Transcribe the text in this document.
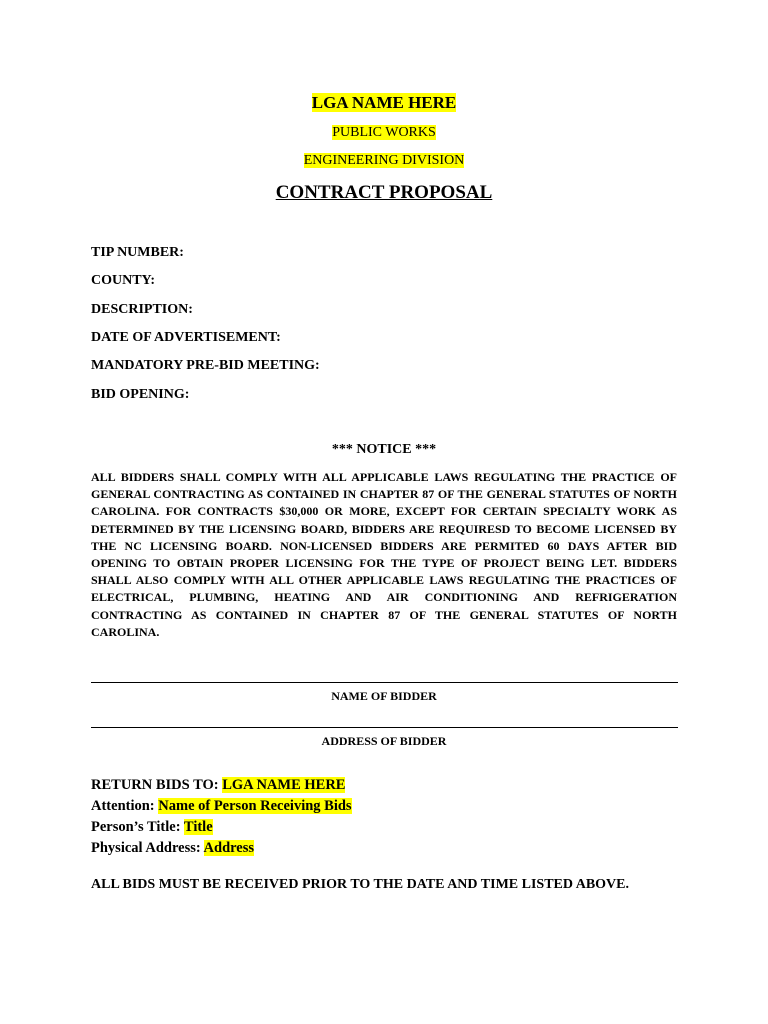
LGA NAME HERE
PUBLIC WORKS
ENGINEERING DIVISION
CONTRACT PROPOSAL
TIP NUMBER:
COUNTY:
DESCRIPTION:
DATE OF ADVERTISEMENT:
MANDATORY PRE-BID MEETING:
BID OPENING:
*** NOTICE ***
ALL BIDDERS SHALL COMPLY WITH ALL APPLICABLE LAWS REGULATING THE PRACTICE OF GENERAL CONTRACTING AS CONTAINED IN CHAPTER 87 OF THE GENERAL STATUTES OF NORTH CAROLINA. FOR CONTRACTS $30,000 OR MORE, EXCEPT FOR CERTAIN SPECIALTY WORK AS DETERMINED BY THE LICENSING BOARD, BIDDERS ARE REQUIRESD TO BECOME LICENSED BY THE NC LICENSING BOARD. NON-LICENSED BIDDERS ARE PERMITED 60 DAYS AFTER BID OPENING TO OBTAIN PROPER LICENSING FOR THE TYPE OF PROJECT BEING LET. BIDDERS SHALL ALSO COMPLY WITH ALL OTHER APPLICABLE LAWS REGULATING THE PRACTICES OF ELECTRICAL, PLUMBING, HEATING AND AIR CONDITIONING AND REFRIGERATION CONTRACTING AS CONTAINED IN CHAPTER 87 OF THE GENERAL STATUTES OF NORTH CAROLINA.
NAME OF BIDDER
ADDRESS OF BIDDER
RETURN BIDS TO: LGA NAME HERE
Attention: Name of Person Receiving Bids
Person’s Title: Title
Physical Address: Address
ALL BIDS MUST BE RECEIVED PRIOR TO THE DATE AND TIME LISTED ABOVE.
